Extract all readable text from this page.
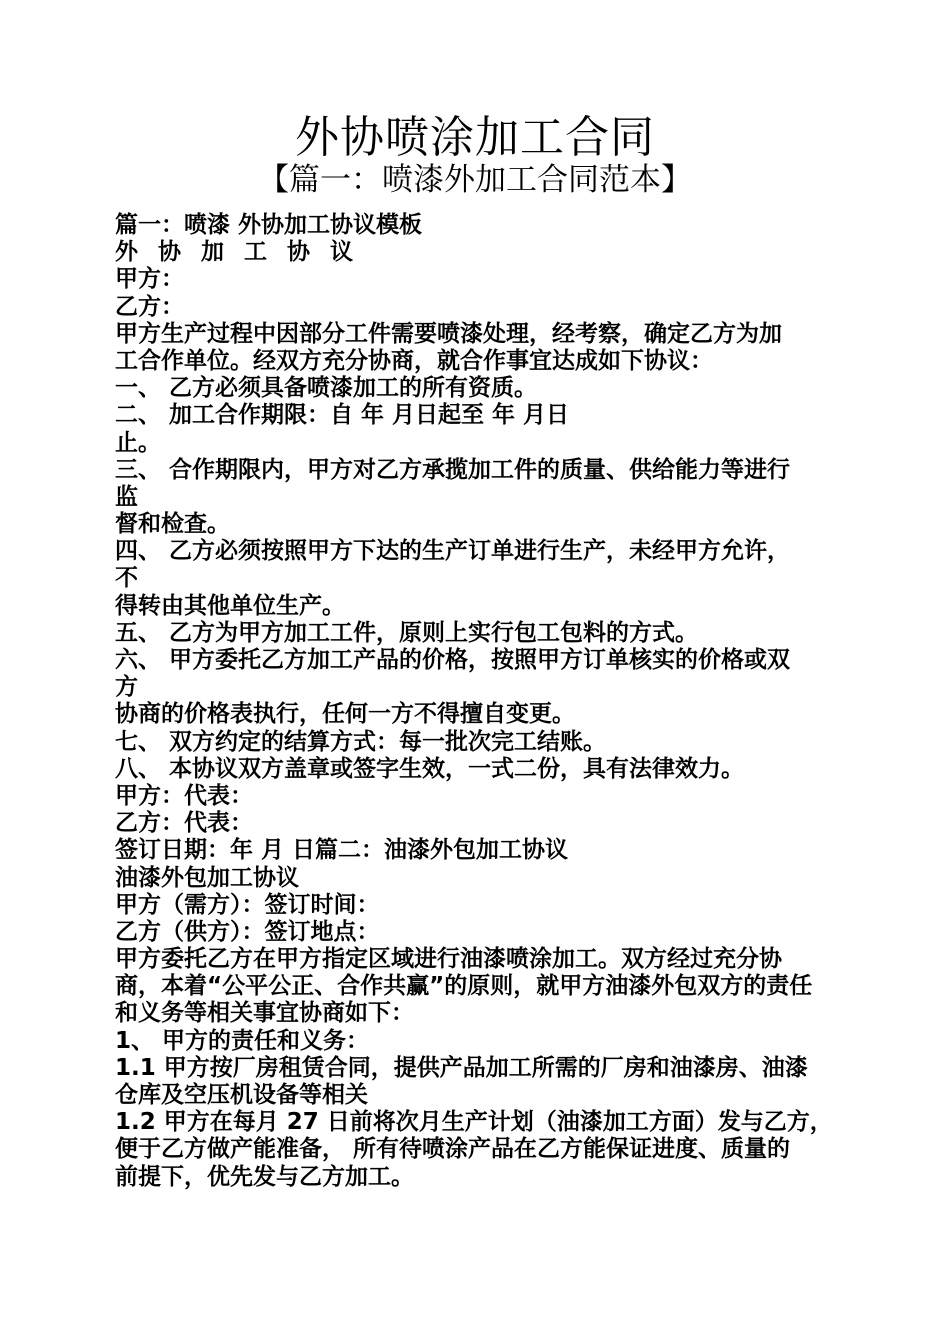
外协喷涂加工合同
【篇一：喷漆外加工合同范本】
篇一：喷漆 外协加工协议模板
外 协 加 工 协 议
甲方：
乙方：
甲方生产过程中因部分工件需要喷漆处理，经考察，确定乙方为加
工合作单位。经双方充分协商，就合作事宜达成如下协议：
一、 乙方必须具备喷漆加工的所有资质。
二、 加工合作期限：自 年 月日起至 年 月日
止。
三、 合作期限内，甲方对乙方承揽加工件的质量、供给能力等进行
监
督和检查。
四、 乙方必须按照甲方下达的生产订单进行生产，未经甲方允许，
不
得转由其他单位生产。
五、 乙方为甲方加工工件，原则上实行包工包料的方式。
六、 甲方委托乙方加工产品的价格，按照甲方订单核实的价格或双
方
协商的价格表执行，任何一方不得擅自变更。
七、 双方约定的结算方式：每一批次完工结账。
八、 本协议双方盖章或签字生效，一式二份，具有法律效力。
甲方：代表：
乙方：代表：
签订日期：年 月 日篇二：油漆外包加工协议
油漆外包加工协议
甲方（需方）：签订时间：
乙方（供方）：签订地点：
甲方委托乙方在甲方指定区域进行油漆喷涂加工。双方经过充分协
商，本着“公平公正、合作共赢”的原则，就甲方油漆外包双方的责任
和义务等相关事宜协商如下：
1、 甲方的责任和义务：
1.1 甲方按厂房租赁合同，提供产品加工所需的厂房和油漆房、油漆
仓库及空压机设备等相关
1.2 甲方在每月 27 日前将次月生产计划（油漆加工方面）发与乙方，
便于乙方做产能准备， 所有待喷涂产品在乙方能保证进度、质量的
前提下，优先发与乙方加工。
